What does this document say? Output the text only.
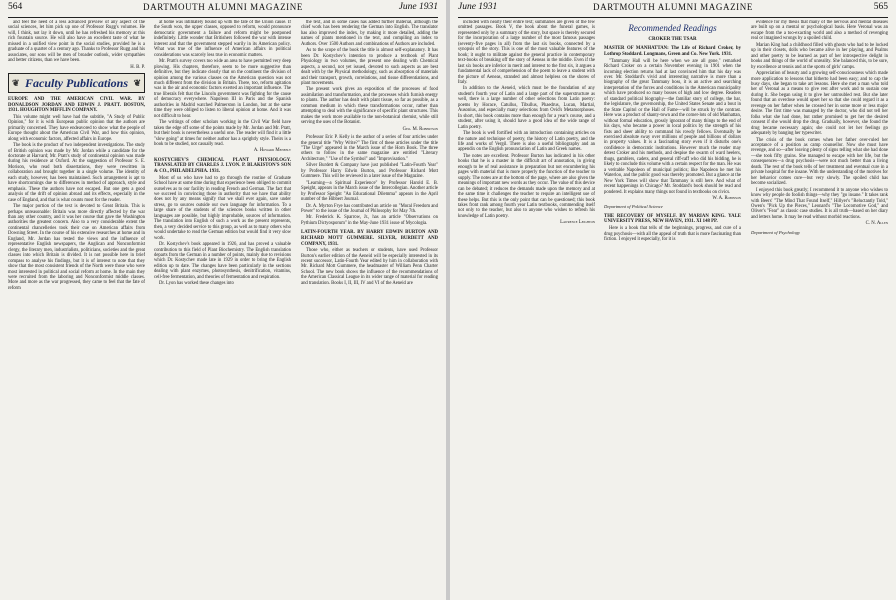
564	DARTMOUTH ALUMNI MAGAZINE	June 1931

and feel the need of a less advanced preview of any aspect of the social sciences, let him pick up one of Professor Rugg's volumes. He will, I think, not lay it down, until he has refreshed his memory at this rich fountain source. He will also have an excellent taste of what he missed in a unified view point in the social studies, provided he is a graduate of a quarter of a century ago. Thanks to Professor Rugg and his associates, our sons will be men of broader outlook, wider sympathies and better citizens, than we have been.

H. B. P.
❦ Faculty Publications ❦
EUROPE AND THE AMERICAN CIVIL WAR. BY DONALDSON JORDAN AND EDWIN J. PRATT. BOSTON, 1931. HOUGHTON MIFFLIN COMPANY.

This volume might well have had the subtitle, "A Study of Public Opinion," for it is with European public opinion that the authors are primarily concerned. They have endeavored to show what the people of Europe thought about the American Civil War, and how this opinion, along with economic factors, affected affairs in Europe.

The book is the product of two independent investigations. The study of British opinion was made by Mr. Jordan while a candidate for the doctorate at Harvard; Mr. Pratt's study of continental opinion was made during his residence at Oxford. At the suggestion of Professor S. E. Morison, who read both dissertations, they were rewritten in collaboration and brought together in a single volume. The identity of each study, however, has been maintained. Such arrangement is apt to have shortcomings due to differences in method of approach, style and emphasis. These the authors have not escaped. But one gets a good analysis of the drift of opinion abroad and its effects, especially in the case of England, and that is what counts most for the reader.

The major portion of the text is devoted to Great Britain. This is perhaps unreasonable: Britain was more directly affected by the war than any other country, and it was her course that gave the Washington authorities the greatest concern. Also to a very considerable extent the continental chancelleries took their cue on American affairs from Downing Street. In the course of his extensive researches at home and in England, Mr. Jordan has tested the views and the influence of representative English newspapers, the Anglican and Nonconformist clergy, the literary men, industrialists, politicians, societies and the great classes into which Britain is divided. It is not possible here in brief compass to analyse his findings, but it is of interest to note that they show that the most consistent friends of the North were those who were most interested in political and social reform at home. In the main they were recruited from the laboring and Nonconformist middle classes. More and more as the war progressed, they came to feel that the fate of reform

at home was intimately bound up with the fate of the Union cause. If the South won, the upper classes, opposed to reform, would pronounce democratic government a failure and reform might be postponed indefinitely. Little wonder that Britishers followed the war with intense interest and that the government stepped warily in its American policy. What was true of the influence of American affairs in political considerations was scarcely less true in economic matters.

Mr. Pratt's survey covers too wide an area to have permitted very deep plowing. His chapters, therefore, seem to be more suggestive than definitive, but they indicate clearly that on the continent the division of opinion among the various classes on the American question was not much different from the division in Britain. There, too, reform agitation was in the air and economic factors exerted an important influence. The true liberals felt that the Lincoln government was fighting for the cause of democracy everywhere. Napoleon III in Paris and the Spanish authorities in Madrid watched Palmerston in London, but at the same time they were obliged to listen to liberal opinion at home. And it was not difficult to hear.

The writings of other scholars working in the Civil War field have taken the edge off some of the points made by Mr. Jordan and Mr. Pratt, but their book is nevertheless a useful one. The reader will find it a little "slow going" at times for neither author has a sprightly style. Theirs is a book to be studied, not casually read.

A. Howard Meneely
KOSTYCHEV'S CHEMICAL PLANT PHYSIOLOGY. TRANSLATED BY CHARLES J. LYON. P. BLAKISTON'S SON & CO., PHILADELPHIA. 1931.

Most of us who have had to go through the routine of Graduate School have at some time during that experience been obliged to commit ourselves as to our facility in reading French and German. The fact that we succeed in convincing those in authority that we have that ability does not by any means signify that we shall ever again, save under stress, go to sources outside our own language for information. To a large share of the students of the sciences books written in other languages are possible, but highly improbable, sources of information. The translation into English of such a work as the present represents, then, a very decided service to this group, as well as to many others who would undertake to read the German edition but would find it very slow work.

Dr. Kostychev's book appeared in 1926, and has proved a valuable contribution to this field of Plant Biochemistry. The English translation departs from the German in a number of points, mainly due to revisions which Dr. Kostychev made late in 1929 in order to bring the English edition up to date. The changes have been particularly in the sections dealing with plant enzymes, photosynthesis, denitrification, vitamins, cell-free fermentation, and theories of fermentation and respiration.

Dr. Lyon has worked these changes into

the text, and in some cases has added further material, although the chief work has been rendering the German into English. The translator has also improved the index, by making it more detailed, adding the names of plants mentioned in the text, and compiling an index to Authors. Over 1500 Authors and combinations of Authors are included.

As to the scope of the book the title is almost self-explanatory. It has been Dr. Kostychev's intention to produce a textbook of Plant Physiology in two volumes, the present one dealing with Chemical aspects, a second, not yet issued, devoted to such aspects as are best dealt with by the Physical methodology, such as absorption of materials and their transport, growth, correlations, and tissue differentiations, and plant movements.

The present work gives an exposition of the processes of food assimilation and transformation, and the processes which furnish energy to plants. The author has dealt with plant tissue, so far as possible, as a common medium in which these transformations occur, rather than attempting to deal with the significance of specific plant structures. This makes the work more available to the non-botanical chemist, while still serving the uses of the Botanist.

Geo. M. Robertson

Professor Eric P. Kelly is the author of a series of four articles under the general title "Why Write?" The first of these articles under the title "The Urge" appeared in the March issue of the Horn Book. The three others to follow in the same magazine are entitled "Literary Architecture," "Use of the Symbol" and "Improvisation."

Silver Burdett & Company have just published "Latin-Fourth Year" by Professor Harry Edwin Burton, and Professor Richard Mott Gummere. This will be reviewed in a later issue of the Magazine.

"Learning—a Spiritual Experience" by Professor Harold E. B. Speight, appears in the March issue of the Intercollegian. Another article by Professor Speight "An Educational Dilemma" appears in the April number of the Hibbert Journal.

Dr. A. Myrton Frye has contributed an article on "Moral Freedom and Power" to the issue of the Journal of Philosophy for May 7th.

Mr. Frederick K. Sparrow, Jr., has an article "Observations on Pythium Dictyosporum" in the May-June 1931 issue of Mycologia.

LATIN-FOURTH YEAR. BY HARRY EDWIN BURTON AND RICHARD MOTT GUMMERE. SILVER, BURDETT AND COMPANY, 1931.

Those who, either as teachers or students, have used Professor Burton's earlier edition of the Aeneid will be especially interested in its recent successor, Latin-Fourth Year edited by him in collaboration with Mr. Richard Mott Gummere, the headmaster of William Penn Charter School. The new book shows the influence of the recommendations of the American Classical League in its wider range of material for reading and translation. Books I, II, III, IV and VI of the Aeneid are

June 1931	DARTMOUTH ALUMNI MAGAZINE	565

included with nearly their entire text; summaries are given of the few omitted passages. Book V, the book about the funeral games, is represented only by a summary of the story, but space is thereby secured for the incorporation of a large number of the most famous passages (seventy-five pages in all) from the last six books, connected by a synopsis of the story. This is one of the most valuable features of the book; it ought to militate against the general practice in contemporary text-books of breaking off the story of Aeneas in the middle. Even if the last six books are inferior in merit and interest to the first six, it argues a fundamental lack of comprehension of the poem to leave a student with the picture of Aeneas, stranded and almost helpless on the shores of Italy.

In addition to the Aeneid, which must be the foundation of any student's fourth year of Latin and a large part of the superstructure as well, there is a large number of other selections from Latin poetry: poems by Horace, Catullus, Tibullus, Phaedrus, Lucan, Martial, Ausonius, and especially many selections from Ovid's Metamorphoses. In short, this book contains more than enough for a year's course, and a student, after using it, should have a good idea of the wide range of Latin poetry.

The book is well fortified with an introduction containing articles on the nature and technique of poetry, the history of Latin poetry, and the life and works of Vergil. There is also a useful bibliography and an appendix on the English pronunciation of Latin and Greek names.

The notes are excellent. Professor Burton has indicated in his other books that he is a master in the difficult art of annotation, in giving enough to be of real assistance in preparation but not encumbering his pages with material that is more properly the function of the teacher to supply. The notes are at the bottom of the page, where are also given the meanings of important new words as they occur. The value of this device can be debated; it reduces the demands made upon the memory and at the same time it challenges the teacher to require an intelligent use of these helps. But this is the only point that can be questioned; this book takes front rank among fourth year Latin textbooks, commending itself not only to the teacher, but also to anyone who wishes to refresh his knowledge of Latin poetry.

Lawrence Leighton
Recommended Readings
CROKER THE TSAR
MASTER OF MANHATTAN: The Life of Richard Croker, by Lothrop Stoddard. Longmans, Green and Co. New York. 1931.

"Tammany Hall will be here when we are all gone," remarked Richard Croker on a certain November evening in 1901 when the incoming election returns had at last convinced him that his day was over. Mr. Stoddard's vivid and interesting narrative is more than a biography of the great Tammany boss, it is an active and searching interpretation of the forces and conditions in the American municipality which have produced so many bosses of high and low degree. Readers of standard political biography—the familiar story of college, the bar, the legislature, the governorship, the United States Senate and a bout in the State Capitol or the Hall of Fame—will be struck by the contrast. Here was a product of shanty-town and the corner-lots of old Manhattan, without formal education, grossly ignorant of many things to the end of his days, who became a power in local politics by the strength of his fists and sheer ability to command his rowdy fellows. Eventually he exercised absolute sway over millions of people and billions of dollars in property values. It is a fascinating story even if it disturbs one's confidence in democratic institutions. However much the reader may detest Croker and his methods, and despise the swarm of ward heelers, thugs, gamblers, cadets, and general riff-raff who did his bidding, he is likely to conclude this volume with a certain respect for the man. He was a veritable Napoleon of municipal politics; like Napoleon he met his Waterloo, and the public good was thereby promoted. But a glance at the New York Times will show that Tammany is still here. And what of recent happenings in Chicago? Mr. Stoddard's book should be read and pondered. It explains many things not found in textbooks on civics.

W. A. Robinson
Department of Political Science
THE RECOVERY OF MYSELF. BY MARIAN KING. YALE UNIVERSITY PRESS, NEW HAVEN, 1931. XI 148 PP.

Here is a book that tells of the beginnings, progress, and cure of a drug psychosis—with all the appeal of truth that is more fascinating than fiction. I enjoyed it especially, for it is

evidence for my thesis that many of the nervous and mental diseases are built up on a mental or psychological basis. Here Veronal was an escape from the a too-exacting world and also a method of revenging real or imagined wrongs by a spoiled child.

Marian King had a childhood filled with ghosts who had to be locked up in their closets, dolls who became alive in her playing, and Psalms and other poetry to be learned as part of her introspective delight in books and things of the world of unreality. She balanced this, to be sure, by excellence at tennis and at the sports of girls' camps.

Appreciation of beauty and a growing self-consciousness which made more application to lessons that hitherto had been easy; and to cap the busy days, she began to take art lessons. Here she met a man who told her of Veronal as a means to give rest after work and to sustain one during it. She began using it to give her untroubled rest. But she later found that an overdose would upset her so that she could regard it as a revenge on her father when he crossed her in some more or less major desire. The first time was managed by the doctor, who did not tell her folks what she had done, but rather promised to get her the desired consent if she would drop the drug. Gradually, however, she found the drug became necessary again; she could not let her feelings go adequately by banging her typewriter.

The crisis of the book comes when her father over-ruled her acceptance of a position as camp counsellor. Now she must have revenge, and so—after leaving plenty of signs telling what she had done—she took fifty grains. She managed to escape with her life, but the consequences—a drug psychosis—were not much better than a living death. The rest of the book tells of her treatment and eventual cure in a private hospital for the insane. With the understanding of the motives for her behavior comes cure—but very slowly. The spoiled child has become socialized.

I enjoyed this book greatly; I recommend it to anyone who wishes to know why people do foolish things—why they "go insane." It takes rank with Beers' "The Mind That Found Itself," Hillyer's "Reluctantly Told," Owen's "Pick Up the Pieces," Leonard's "The Locomotive God," and Oliver's "Fear" as classic case studies. It is all truth—based on her diary and letters home. It may be read without morbid reactions.

C. N. Allen
Department of Psychology
